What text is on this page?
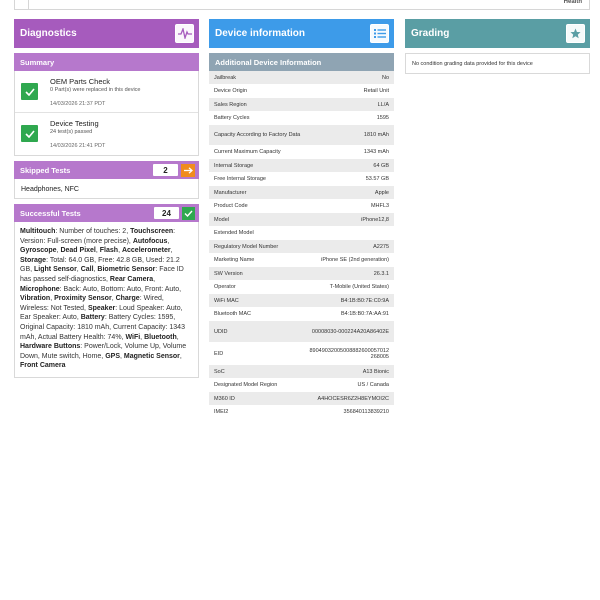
Health
Diagnostics
Summary
OEM Parts Check
0 Part(s) were replaced in this device
14/03/2026 21:37 PDT
Device Testing
24 test(s) passed
14/03/2026 21:41 PDT
Skipped Tests	2
Headphones, NFC
Successful Tests	24
Multitouch: Number of touches: 2, Touchscreen: Version: Full-screen (more precise), Autofocus, Gyroscope, Dead Pixel, Flash, Accelerometer, Storage: Total: 64.0 GB, Free: 42.8 GB, Used: 21.2 GB, Light Sensor, Call, Biometric Sensor: Face ID has passed self-diagnostics, Rear Camera, Microphone: Back: Auto, Bottom: Auto, Front: Auto, Vibration, Proximity Sensor, Charge: Wired, Wireless: Not Tested, Speaker: Loud Speaker: Auto, Ear Speaker: Auto, Battery: Battery Cycles: 1595, Original Capacity: 1810 mAh, Current Capacity: 1343 mAh, Actual Battery Health: 74%, WiFi, Bluetooth, Hardware Buttons: Power/Lock, Volume Up, Volume Down, Mute switch, Home, GPS, Magnetic Sensor, Front Camera
Device information
Additional Device Information
Jailbreak	No
Device Origin	Retail Unit
Sales Region	LL/A
Battery Cycles	1595
Capacity According to Factory Data	1810 mAh
Current Maximum Capacity	1343 mAh
Internal Storage	64 GB
Free Internal Storage	53.57 GB
Manufacturer	Apple
Product Code	MHFL3
Model	iPhone12,8
Extended Model
Regulatory Model Number	A2275
Marketing Name	iPhone SE (2nd generation)
SW Version	26.3.1
Operator	T-Mobile (United States)
WiFi MAC	B4:1B:B0:7E:C0:9A
Bluetooth MAC	B4:1B:B0:7A:AA:91
UDID	00008030-000224A20A86402E
EID	89049032005008882600057012268005
SoC	A13 Bionic
Designated Model Region	US / Canada
M360 ID	A4HOCESR6Z2H8EYMOI2C
IMEI2	356840113839210
Grading
No condition grading data provided for this device
